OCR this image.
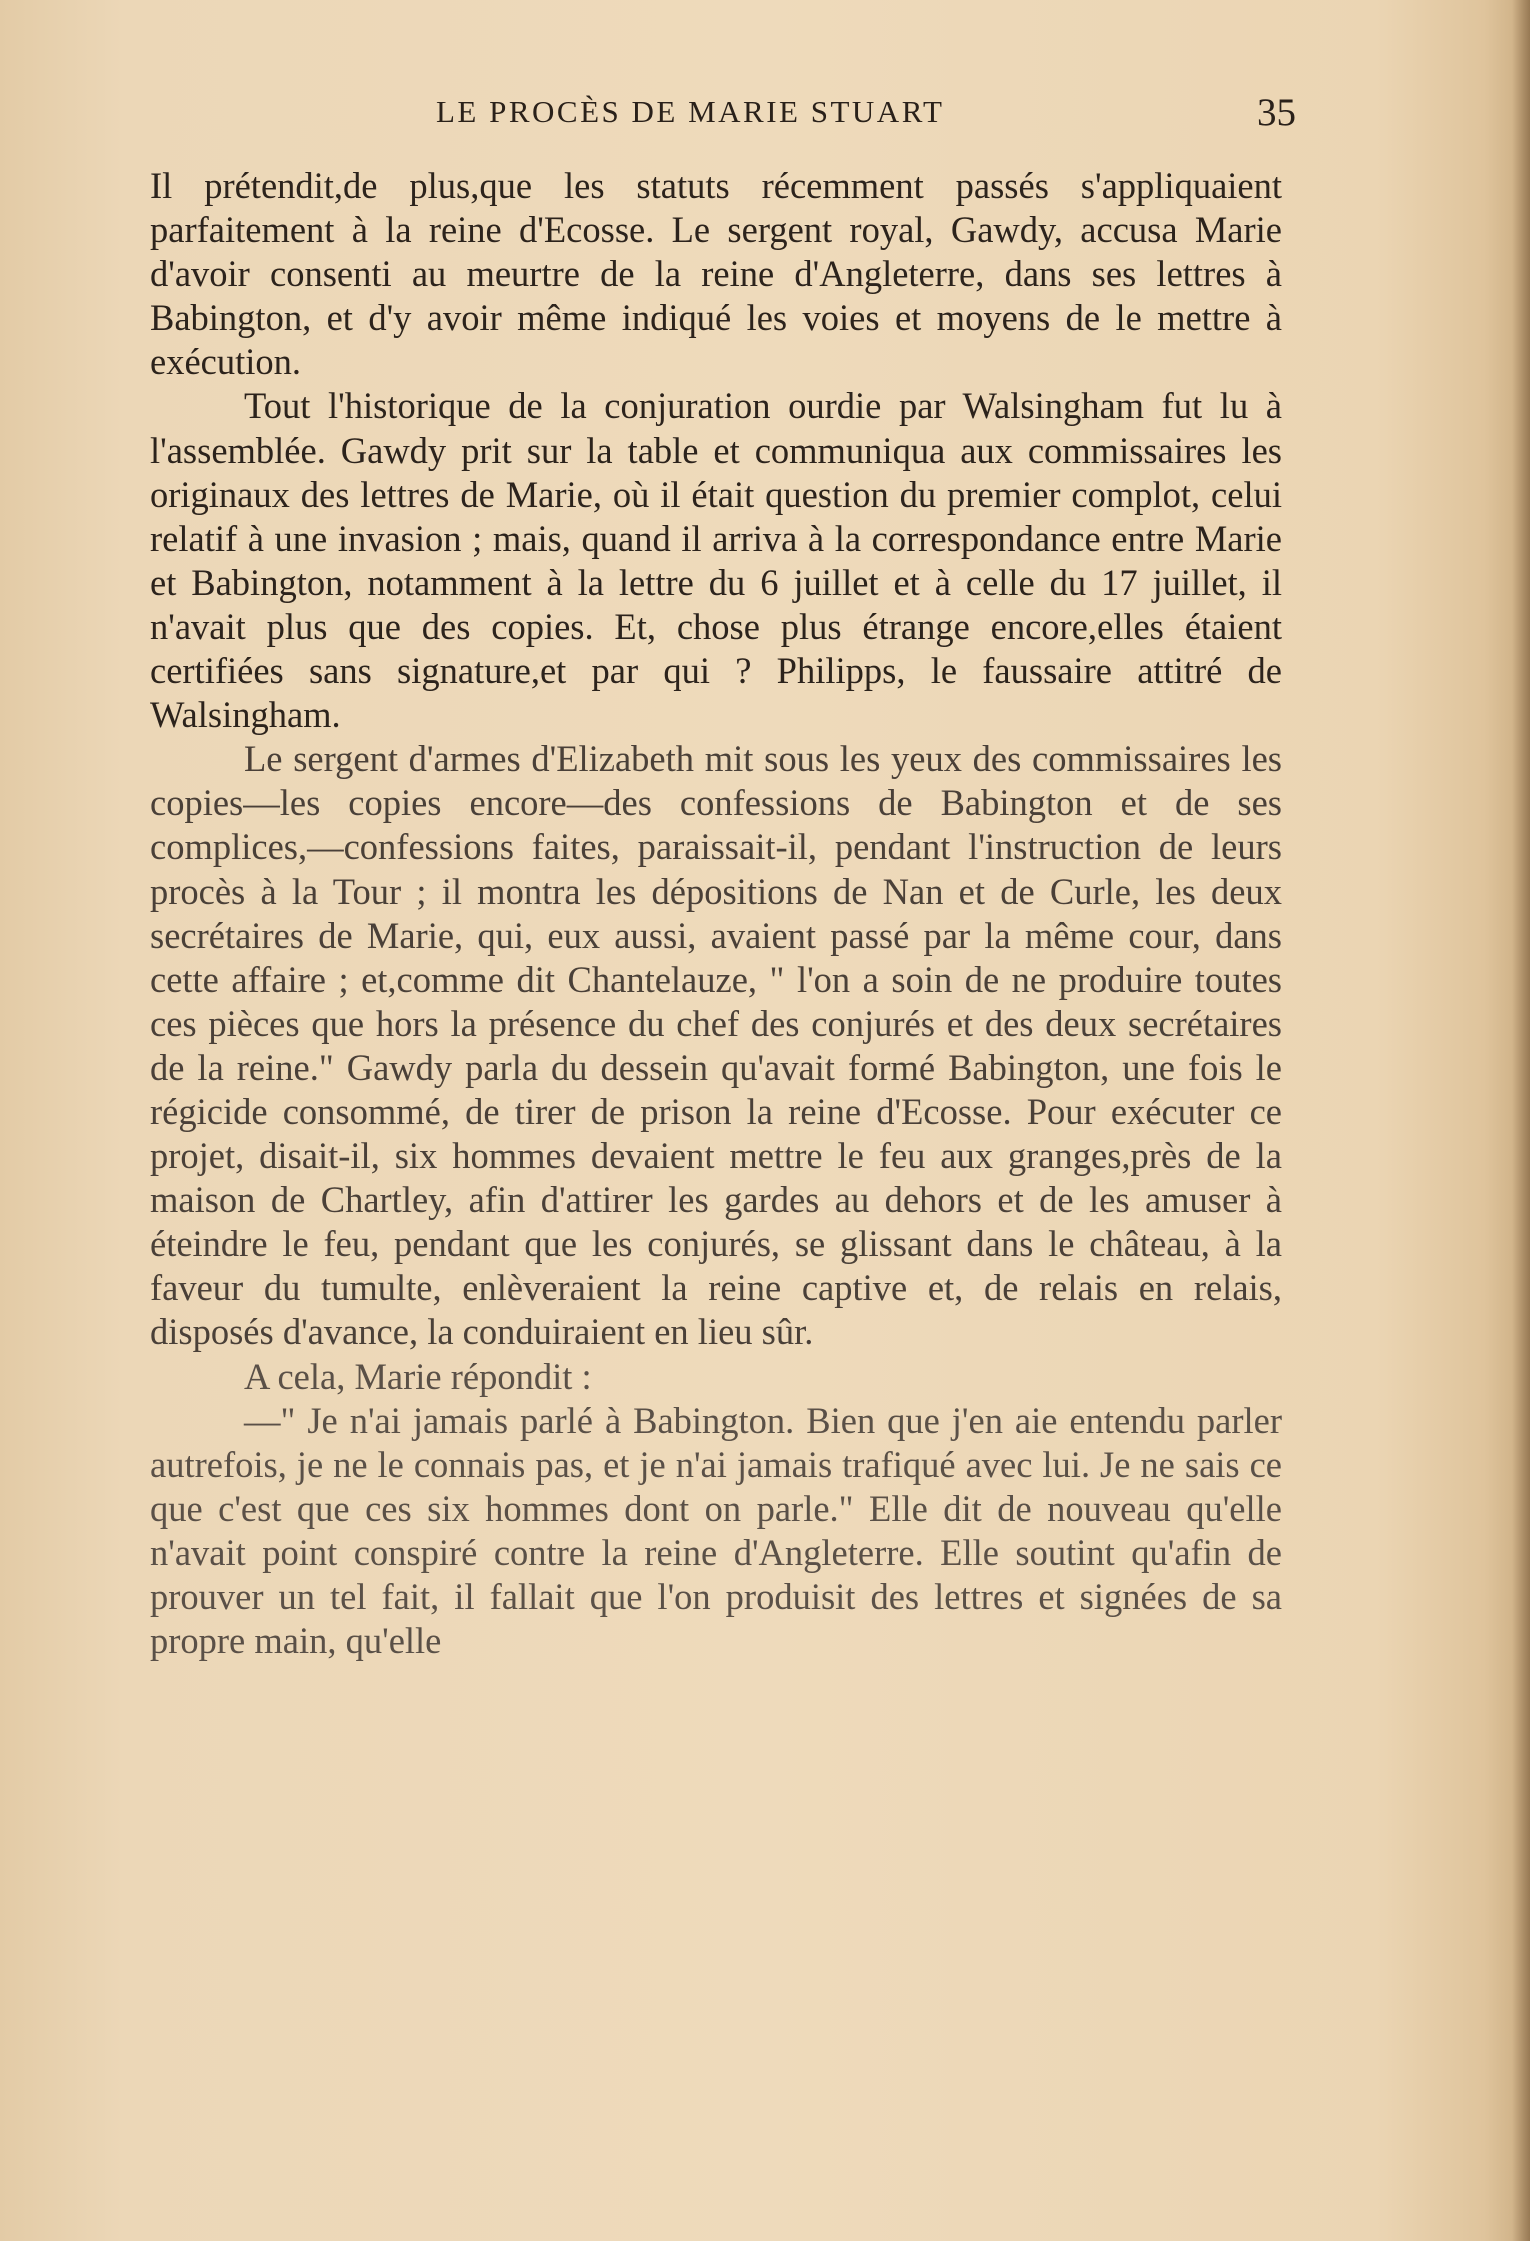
LE PROCÈS DE MARIE STUART	35

Il prétendit,de plus,que les statuts récemment passés s'appliquaient parfaitement à la reine d'Ecosse. Le sergent royal, Gawdy, accusa Marie d'avoir consenti au meurtre de la reine d'Angleterre, dans ses lettres à Babington, et d'y avoir même indiqué les voies et moyens de le mettre à exécution.

Tout l'historique de la conjuration ourdie par Walsingham fut lu à l'assemblée. Gawdy prit sur la table et communiqua aux commissaires les originaux des lettres de Marie, où il était question du premier complot, celui relatif à une invasion ; mais, quand il arriva à la correspondance entre Marie et Babington, notamment à la lettre du 6 juillet et à celle du 17 juillet, il n'avait plus que des copies. Et, chose plus étrange encore,elles étaient certifiées sans signature,et par qui ? Philipps, le faussaire attitré de Walsingham.

Le sergent d'armes d'Elizabeth mit sous les yeux des commissaires les copies—les copies encore—des confessions de Babington et de ses complices,—confessions faites, paraissait-il, pendant l'instruction de leurs procès à la Tour ; il montra les dépositions de Nan et de Curle, les deux secrétaires de Marie, qui, eux aussi, avaient passé par la même cour, dans cette affaire ; et,comme dit Chantelauze, " l'on a soin de ne produire toutes ces pièces que hors la présence du chef des conjurés et des deux secrétaires de la reine." Gawdy parla du dessein qu'avait formé Babington, une fois le régicide consommé, de tirer de prison la reine d'Ecosse. Pour exécuter ce projet, disait-il, six hommes devaient mettre le feu aux granges,près de la maison de Chartley, afin d'attirer les gardes au dehors et de les amuser à éteindre le feu, pendant que les conjurés, se glissant dans le château, à la faveur du tumulte, enlèveraient la reine captive et, de relais en relais, disposés d'avance, la conduiraient en lieu sûr.

A cela, Marie répondit :

—" Je n'ai jamais parlé à Babington. Bien que j'en aie entendu parler autrefois, je ne le connais pas, et je n'ai jamais trafiqué avec lui. Je ne sais ce que c'est que ces six hommes dont on parle." Elle dit de nouveau qu'elle n'avait point conspiré contre la reine d'Angleterre. Elle soutint qu'afin de prouver un tel fait, il fallait que l'on produisit des lettres et signées de sa propre main, qu'elle
